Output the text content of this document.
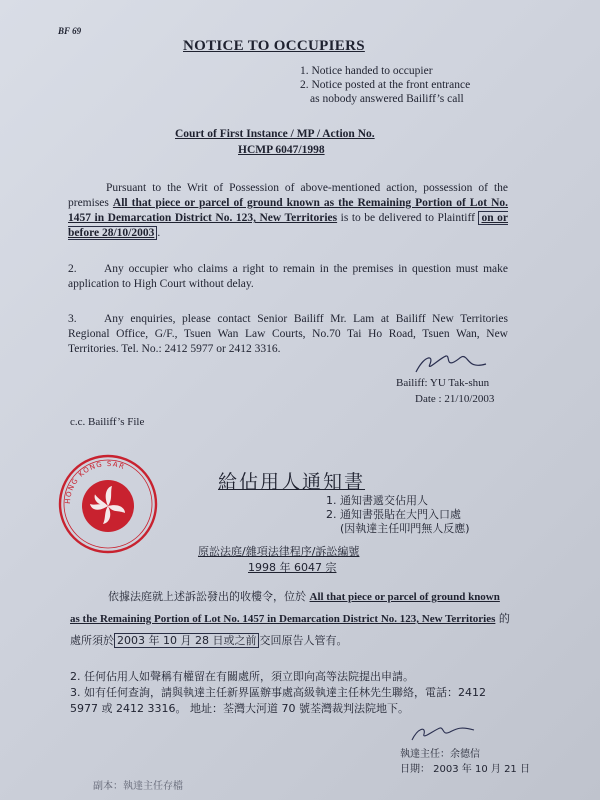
BF 69
NOTICE TO OCCUPIERS
1. Notice handed to occupier
2. Notice posted at the front entrance
as nobody answered Bailiff’s call
Court of First Instance / MP / Action No.
HCMP 6047/1998
Pursuant to the Writ of Possession of above-mentioned action, possession of the premises All that piece or parcel of ground known as the Remaining Portion of Lot No. 1457 in Demarcation District No. 123, New Territories is to be delivered to Plaintiff on or before 28/10/2003 .
2. Any occupier who claims a right to remain in the premises in question must make application to High Court without delay.
3. Any enquiries, please contact Senior Bailiff Mr. Lam at Bailiff New Territories Regional Office, G/F., Tsuen Wan Law Courts, No.70 Tai Ho Road, Tsuen Wan, New Territories. Tel. No.: 2412 5977 or 2412 3316.
Bailiff: YU Tak-shun
Date : 21/10/2003
c.c. Bailiff’s File
HONG KONG SAR
給佔用人通知書
1. 通知書遞交佔用人
2. 通知書張貼在大門入口處
(因執達主任叩門無人反應)
原訟法庭/雜項法律程序/訴訟編號
1998 年 6047 宗
依據法庭就上述訴訟發出的收樓令，位於 All that piece or parcel of ground known as the Remaining Portion of Lot No. 1457 in Demarcation District No. 123, New Territories 的處所須於 2003 年 10 月 28 日或之前 交回原告人管有。
2. 任何佔用人如聲稱有權留在有關處所，須立即向高等法院提出申請。
3. 如有任何查詢，請與執達主任新界區辦事處高級執達主任林先生聯絡，電話：2412 5977 或 2412 3316。 地址：荃灣大河道 70 號荃灣裁判法院地下。
執達主任：余德信
日期： 2003 年 10 月 21 日
副本：執達主任存檔
